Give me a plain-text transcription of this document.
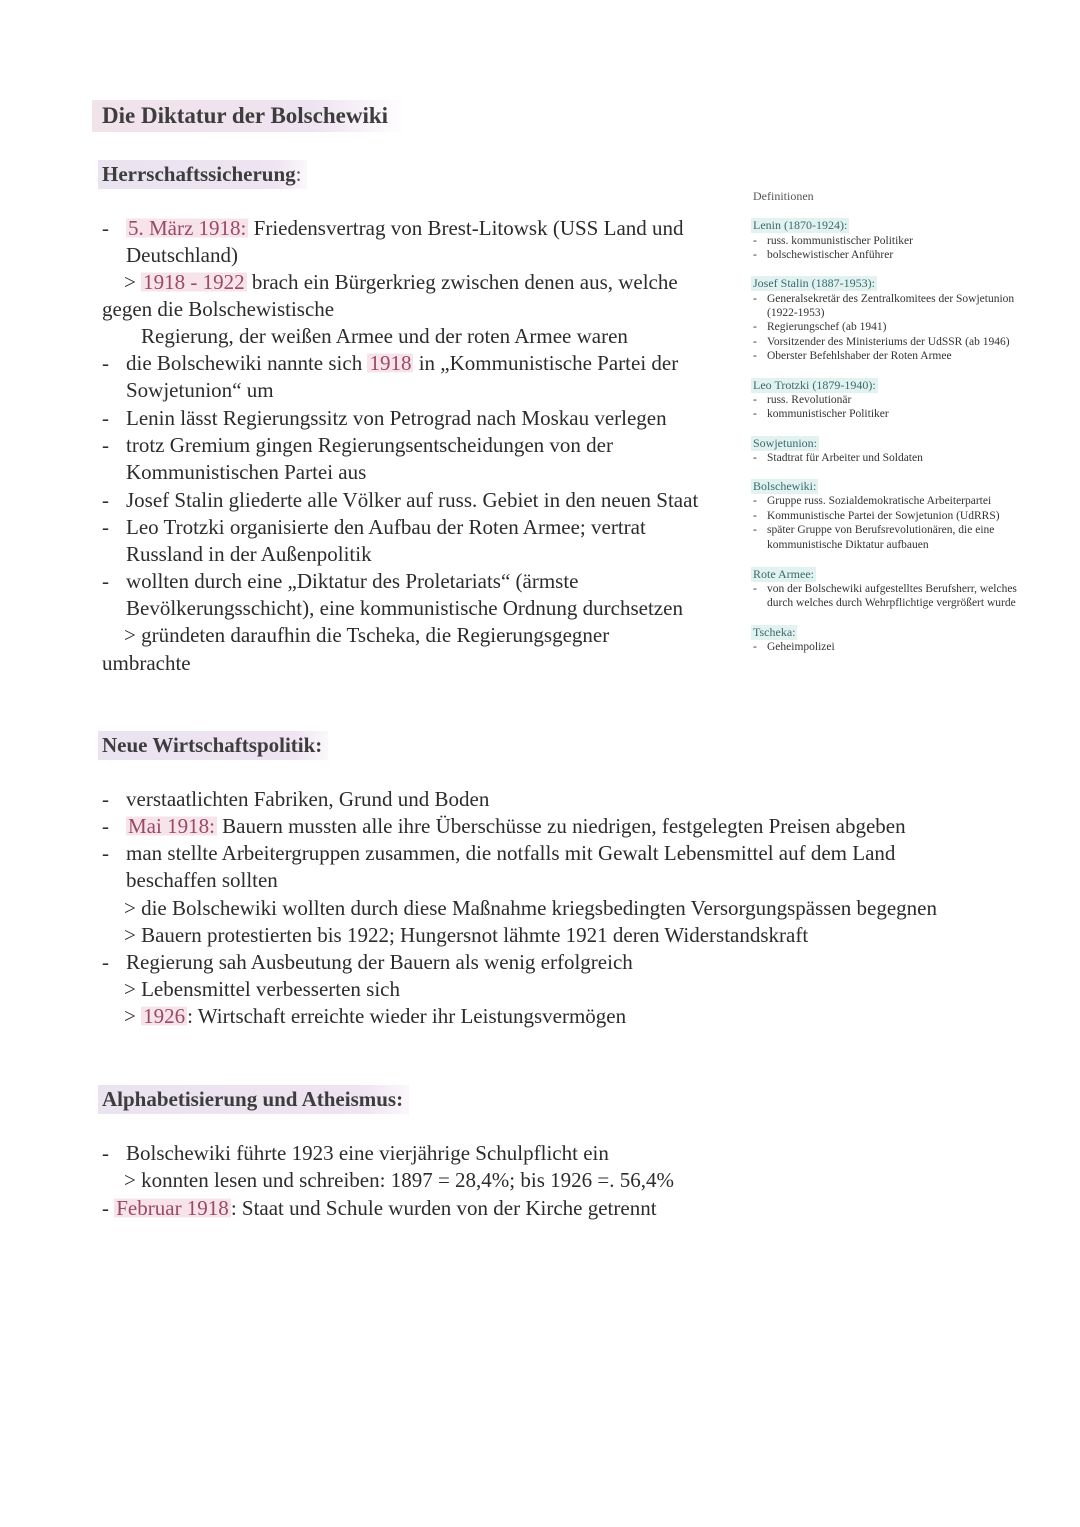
Die Diktatur der Bolschewiki
Herrschaftssicherung:
- 5. März 1918: Friedensvertrag von Brest-Litowsk (USS Land und
Deutschland)
> 1918 - 1922 brach ein Bürgerkrieg zwischen denen aus, welche
gegen die Bolschewistische
Regierung, der weißen Armee und der roten Armee waren
- die Bolschewiki nannte sich 1918 in „Kommunistische Partei der
Sowjetunion“ um
- Lenin lässt Regierungssitz von Petrograd nach Moskau verlegen
- trotz Gremium gingen Regierungsentscheidungen von der
Kommunistischen Partei aus
- Josef Stalin gliederte alle Völker auf russ. Gebiet in den neuen Staat
- Leo Trotzki organisierte den Aufbau der Roten Armee; vertrat
Russland in der Außenpolitik
- wollten durch eine „Diktatur des Proletariats“ (ärmste
Bevölkerungsschicht), eine kommunistische Ordnung durchsetzen
> gründeten daraufhin die Tscheka, die Regierungsgegner
umbrachte
Definitionen
Lenin (1870-1924):
- russ. kommunistischer Politiker
- bolschewistischer Anführer
Josef Stalin (1887-1953):
- Generalsekretär des Zentralkomitees der Sowjetunion
(1922-1953)
- Regierungschef (ab 1941)
- Vorsitzender des Ministeriums der UdSSR (ab 1946)
- Oberster Befehlshaber der Roten Armee
Leo Trotzki (1879-1940):
- russ. Revolutionär
- kommunistischer Politiker
Sowjetunion:
- Stadtrat für Arbeiter und Soldaten
Bolschewiki:
- Gruppe russ. Sozialdemokratische Arbeiterpartei
- Kommunistische Partei der Sowjetunion (UdRRS)
- später Gruppe von Berufsrevolutionären, die eine
kommunistische Diktatur aufbauen
Rote Armee:
- von der Bolschewiki aufgestelltes Berufsherr, welches
durch welches durch Wehrpflichtige vergrößert wurde
Tscheka:
- Geheimpolizei
Neue Wirtschaftspolitik:
- verstaatlichten Fabriken, Grund und Boden
- Mai 1918: Bauern mussten alle ihre Überschüsse zu niedrigen, festgelegten Preisen abgeben
- man stellte Arbeitergruppen zusammen, die notfalls mit Gewalt Lebensmittel auf dem Land
beschaffen sollten
> die Bolschewiki wollten durch diese Maßnahme kriegsbedingten Versorgungspässen begegnen
> Bauern protestierten bis 1922; Hungersnot lähmte 1921 deren Widerstandskraft
- Regierung sah Ausbeutung der Bauern als wenig erfolgreich
> Lebensmittel verbesserten sich
> 1926: Wirtschaft erreichte wieder ihr Leistungsvermögen
Alphabetisierung und Atheismus:
- Bolschewiki führte 1923 eine vierjährige Schulpflicht ein
> konnten lesen und schreiben: 1897 = 28,4%; bis 1926 =. 56,4%
- Februar 1918: Staat und Schule wurden von der Kirche getrennt
